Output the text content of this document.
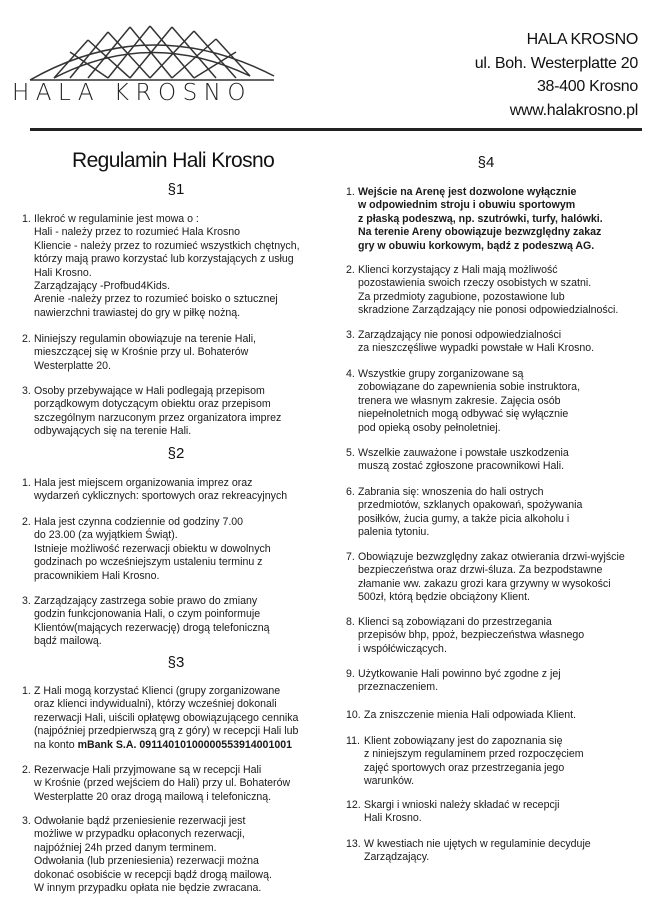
HALA KROSNO
HALA KROSNO
ul. Boh. Westerplatte 20
38-400 Krosno
www.halakrosno.pl
Regulamin Hali Krosno
§1
1. Ilekroć w regulaminie jest mowa o :
Hali - należy przez to rozumieć Hala Krosno
Kliencie - należy przez to rozumieć wszystkich chętnych,
którzy mają prawo korzystać lub korzystających z usług
Hali Krosno.
Zarządzający -Profbud4Kids.
Arenie -należy przez to rozumieć boisko o sztucznej
nawierzchni trawiastej do gry w piłkę nożną.
2. Niniejszy regulamin obowiązuje na terenie Hali,
mieszczącej się w Krośnie przy ul. Bohaterów
Westerplatte 20.
3. Osoby przebywające w Hali podlegają przepisom
porządkowym dotyczącym obiektu oraz przepisom
szczególnym narzuconym przez organizatora imprez
odbywających się na terenie Hali.
§2
1. Hala jest miejscem organizowania imprez oraz
wydarzeń cyklicznych: sportowych oraz rekreacyjnych
2. Hala jest czynna codziennie od godziny 7.00
do 23.00 (za wyjątkiem Świąt).
Istnieje możliwość rezerwacji obiektu w dowolnych
godzinach po wcześniejszym ustaleniu terminu z
pracownikiem Hali Krosno.
3. Zarządzający zastrzega sobie prawo do zmiany
godzin funkcjonowania Hali, o czym poinformuje
Klientów(mających rezerwację) drogą telefoniczną
bądź mailową.
§3
1. Z Hali mogą korzystać Klienci (grupy zorganizowane
oraz klienci indywidualni), którzy wcześniej dokonali
rezerwacji Hali, uiścili opłatęwg obowiązującego cennika
(najpóźniej przedpierwszą grą z góry) w recepcji Hali lub
na konto mBank S.A. 09114010100000553914001001
2. Rezerwacje Hali przyjmowane są w recepcji Hali
w Krośnie (przed wejściem do Hali) przy ul. Bohaterów
Westerplatte 20 oraz drogą mailową i telefoniczną.
3. Odwołanie bądź przeniesienie rezerwacji jest
możliwe w przypadku opłaconych rezerwacji,
najpóźniej 24h przed danym terminem.
Odwołania (lub przeniesienia) rezerwacji można
dokonać osobiście w recepcji bądź drogą mailową.
W innym przypadku opłata nie będzie zwracana.
§4
1. Wejście na Arenę jest dozwolone wyłącznie
w odpowiednim stroju i obuwiu sportowym
z płaską podeszwą, np. szutrówki, turfy, halówki.
Na terenie Areny obowiązuje bezwzględny zakaz
gry w obuwiu korkowym, bądź z podeszwą AG.
2. Klienci korzystający z Hali mają możliwość
pozostawienia swoich rzeczy osobistych w szatni.
Za przedmioty zagubione, pozostawione lub
skradzione Zarządzający nie ponosi odpowiedzialności.
3. Zarządzający nie ponosi odpowiedzialności
za nieszczęśliwe wypadki powstałe w Hali Krosno.
4. Wszystkie grupy zorganizowane są
zobowiązane do zapewnienia sobie instruktora,
trenera we własnym zakresie. Zajęcia osób
niepełnoletnich mogą odbywać się wyłącznie
pod opieką osoby pełnoletniej.
5. Wszelkie zauważone i powstałe uszkodzenia
muszą zostać zgłoszone pracownikowi Hali.
6. Zabrania się: wnoszenia do hali ostrych
przedmiotów, szklanych opakowań, spożywania
posiłków, żucia gumy, a także picia alkoholu i
palenia tytoniu.
7. Obowiązuje bezwzględny zakaz otwierania drzwi-wyjście
bezpieczeństwa oraz drzwi-śluza. Za bezpodstawne
złamanie ww. zakazu grozi kara grzywny w wysokości
500zł, którą będzie obciążony Klient.
8. Klienci są zobowiązani do przestrzegania
przepisów bhp, ppoż, bezpieczeństwa własnego
i współćwiczących.
9. Użytkowanie Hali powinno być zgodne z jej
przeznaczeniem.
10. Za zniszczenie mienia Hali odpowiada Klient.
11. Klient zobowiązany jest do zapoznania się
z niniejszym regulaminem przed rozpoczęciem
zajęć sportowych oraz przestrzegania jego
warunków.
12. Skargi i wnioski należy składać w recepcji
Hali Krosno.
13. W kwestiach nie ujętych w regulaminie decyduje
Zarządzający.
